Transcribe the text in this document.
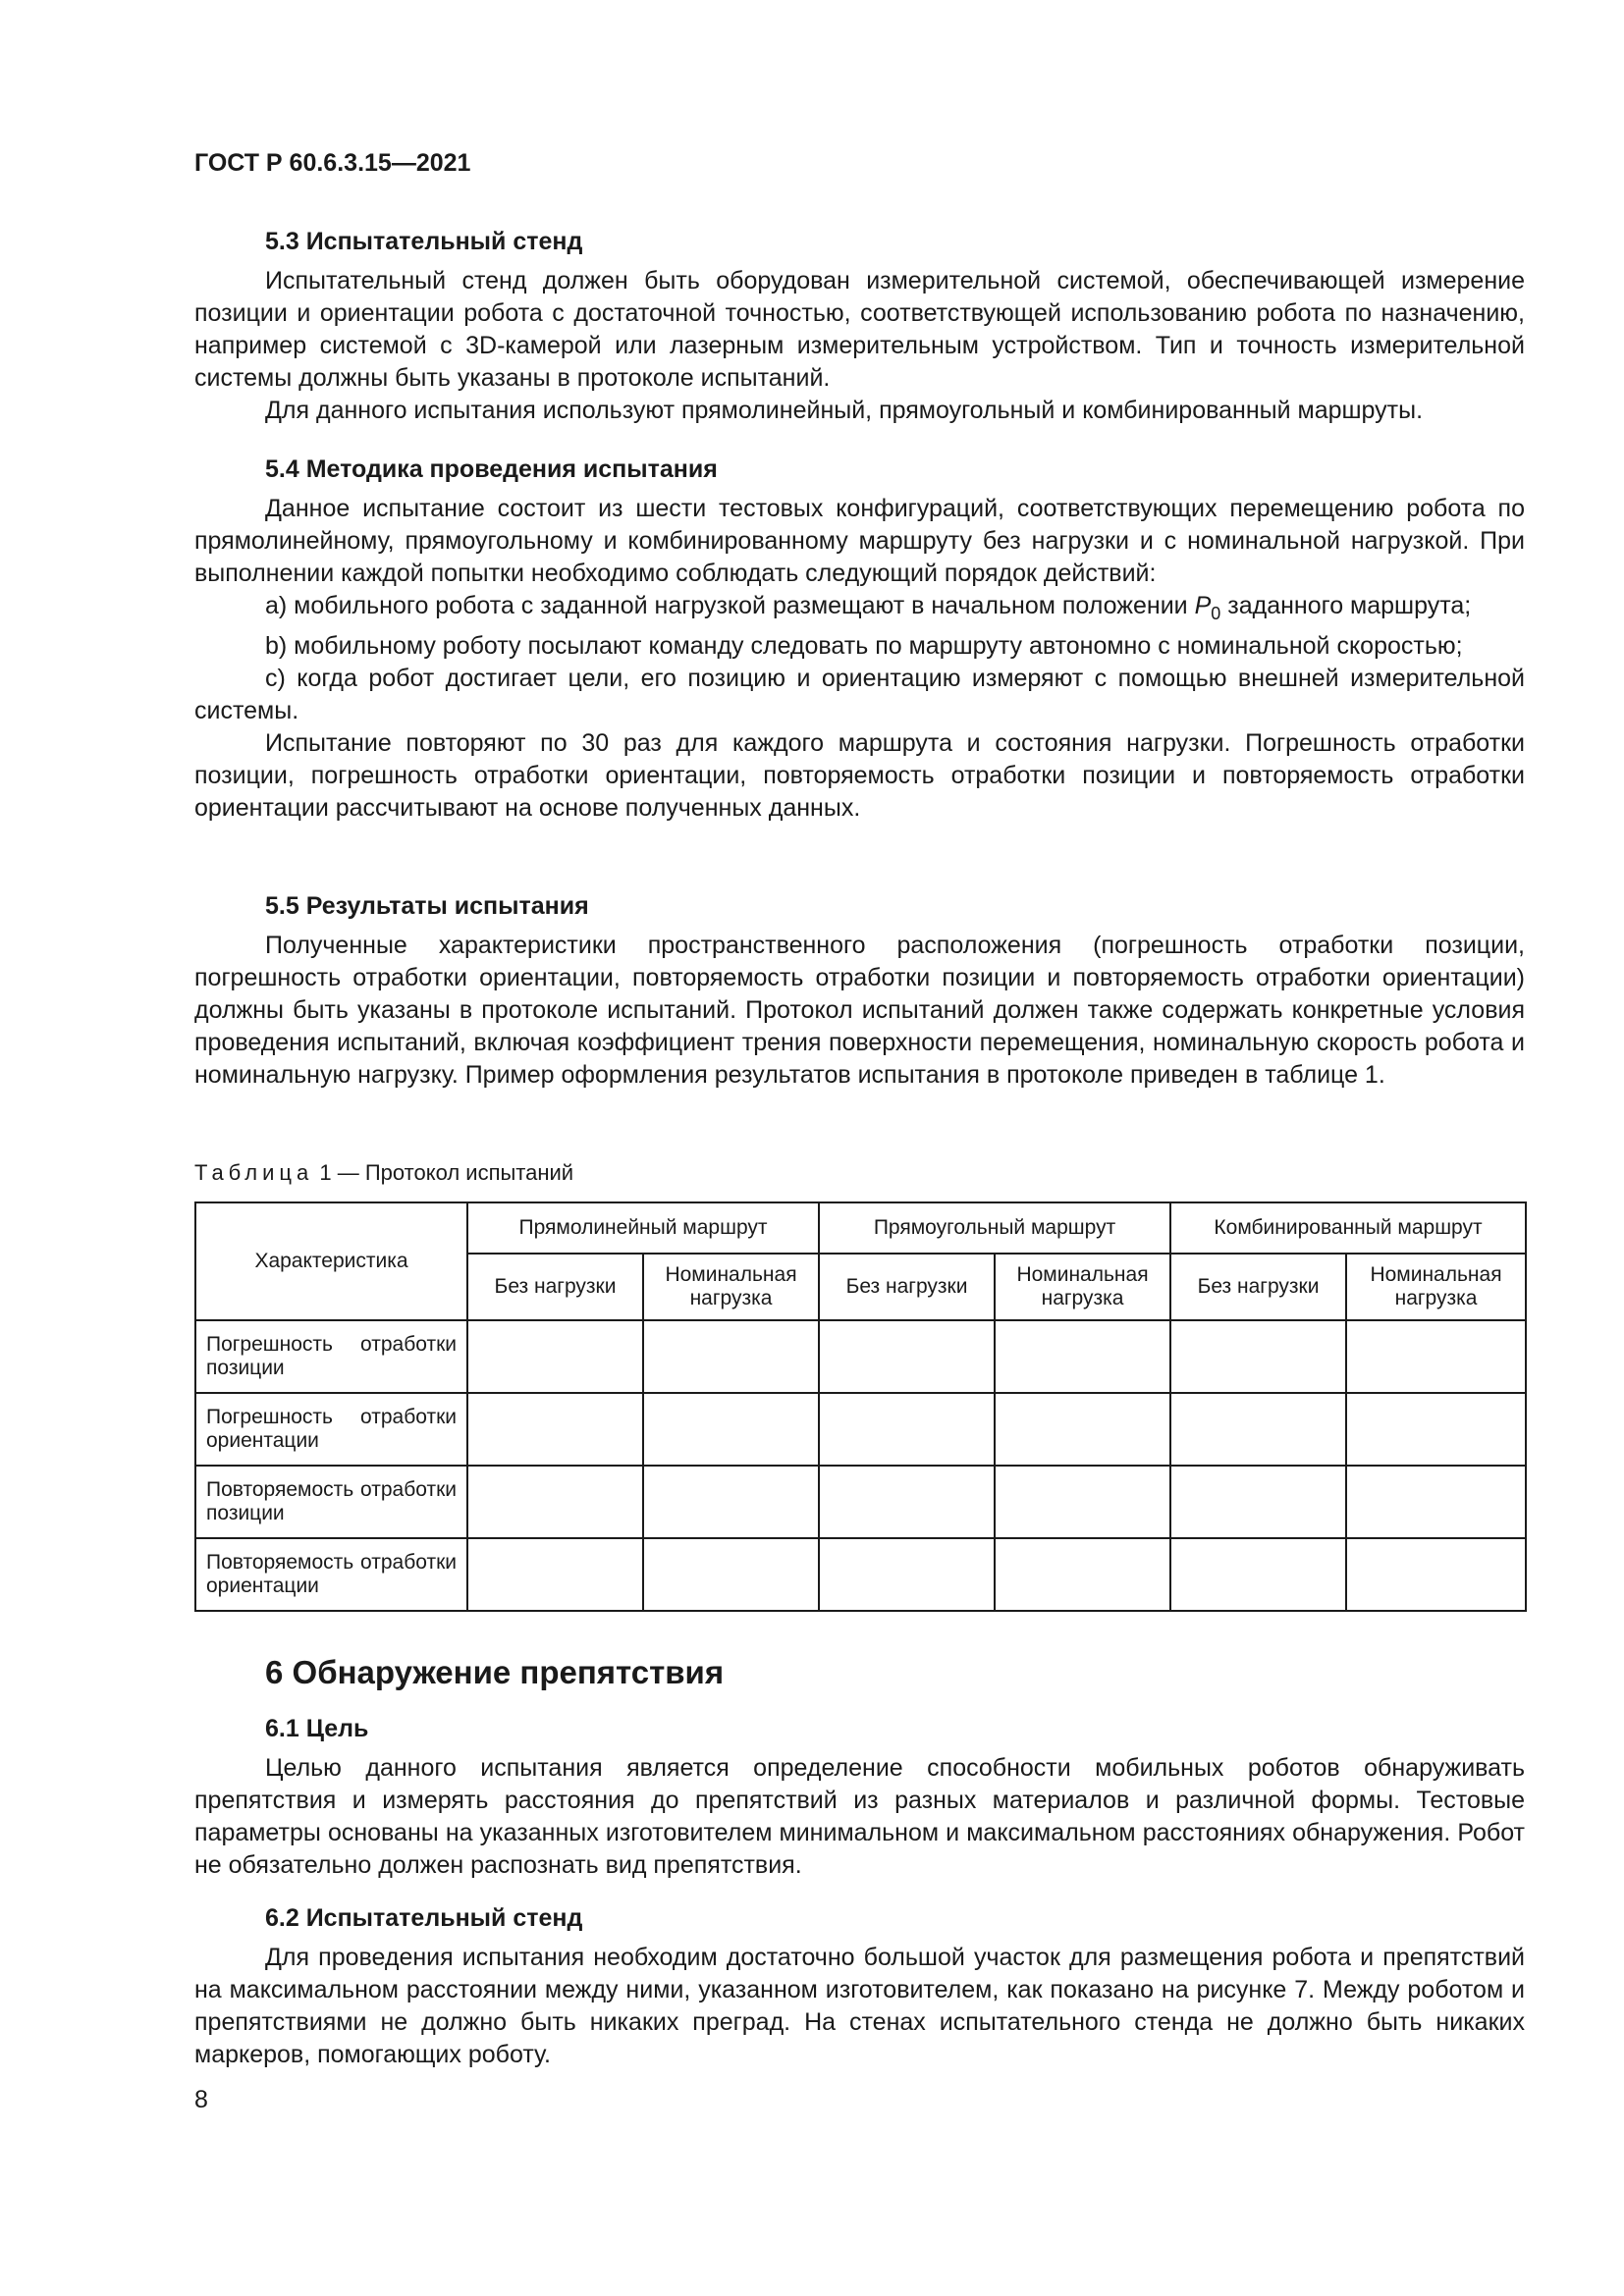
ГОСТ Р 60.6.3.15—2021
5.3 Испытательный стенд

Испытательный стенд должен быть оборудован измерительной системой, обеспечивающей измерение позиции и ориентации робота с достаточной точностью, соответствующей использованию робота по назначению, например системой с 3D-камерой или лазерным измерительным устройством. Тип и точность измерительной системы должны быть указаны в протоколе испытаний.

Для данного испытания используют прямолинейный, прямоугольный и комбинированный маршруты.

5.4 Методика проведения испытания

Данное испытание состоит из шести тестовых конфигураций, соответствующих перемещению робота по прямолинейному, прямоугольному и комбинированному маршруту без нагрузки и с номинальной нагрузкой. При выполнении каждой попытки необходимо соблюдать следующий порядок действий:

a) мобильного робота с заданной нагрузкой размещают в начальном положении $P_0$ заданного маршрута;

b) мобильному роботу посылают команду следовать по маршруту автономно с номинальной скоростью;

c) когда робот достигает цели, его позицию и ориентацию измеряют с помощью внешней измерительной системы.

Испытание повторяют по 30 раз для каждого маршрута и состояния нагрузки. Погрешность отработки позиции, погрешность отработки ориентации, повторяемость отработки позиции и повторяемость отработки ориентации рассчитывают на основе полученных данных.

5.5 Результаты испытания

Полученные характеристики пространственного расположения (погрешность отработки позиции, погрешность отработки ориентации, повторяемость отработки позиции и повторяемость отработки ориентации) должны быть указаны в протоколе испытаний. Протокол испытаний должен также содержать конкретные условия проведения испытаний, включая коэффициент трения поверхности перемещения, номинальную скорость робота и номинальную нагрузку. Пример оформления результатов испытания в протоколе приведен в таблице 1.

Таблица 1 — Протокол испытаний
Характеристика	Прямолинейный маршрут		Прямоугольный маршрут		Комбинированный маршрут	
	Без нагрузки	Номинальная нагрузка	Без нагрузки	Номинальная нагрузка	Без нагрузки	Номинальная нагрузка
Погрешность отработки позиции						
Погрешность отработки ориентации						
Повторяемость отработки позиции						
Повторяемость отработки ориентации						
6 Обнаружение препятствия
6.1 Цель

Целью данного испытания является определение способности мобильных роботов обнаруживать препятствия и измерять расстояния до препятствий из разных материалов и различной формы. Тестовые параметры основаны на указанных изготовителем минимальном и максимальном расстояниях обнаружения. Робот не обязательно должен распознать вид препятствия.

6.2 Испытательный стенд

Для проведения испытания необходим достаточно большой участок для размещения робота и препятствий на максимальном расстоянии между ними, указанном изготовителем, как показано на рисунке 7. Между роботом и препятствиями не должно быть никаких преград. На стенах испытательного стенда не должно быть никаких маркеров, помогающих роботу.

8
